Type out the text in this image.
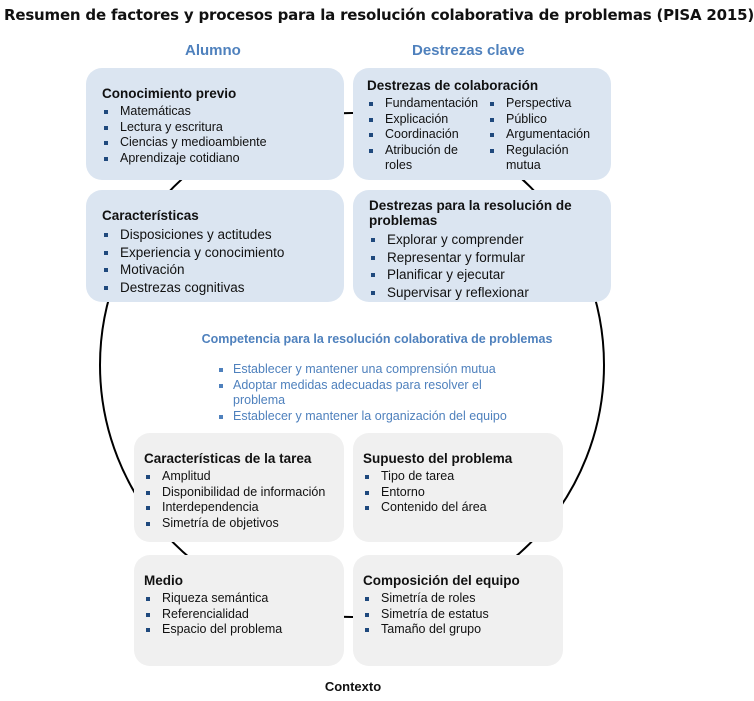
Resumen de factores y procesos para la resolución colaborativa de problemas (PISA 2015)
Alumno	Destrezas clave
Conocimiento previo
Matemáticas
Lectura y escritura
Ciencias y medioambiente
Aprendizaje cotidiano
Destrezas de colaboración
Fundamentación
Explicación
Coordinación
Atribución de roles
Perspectiva
Público
Argumentación
Regulación mutua
Características
Disposiciones y actitudes
Experiencia y conocimiento
Motivación
Destrezas cognitivas
Destrezas para la resolución de problemas
Explorar y comprender
Representar y formular
Planificar y ejecutar
Supervisar y reflexionar
Competencia para la resolución colaborativa de problemas
Establecer y mantener una comprensión mutua
Adoptar medidas adecuadas para resolver el problema
Establecer y mantener la organización del equipo
Características de la tarea
Amplitud
Disponibilidad de información
Interdependencia
Simetría de objetivos
Supuesto del problema
Tipo de tarea
Entorno
Contenido del área
Medio
Riqueza semántica
Referencialidad
Espacio del problema
Composición del equipo
Simetría de roles
Simetría de estatus
Tamaño del grupo
Contexto
